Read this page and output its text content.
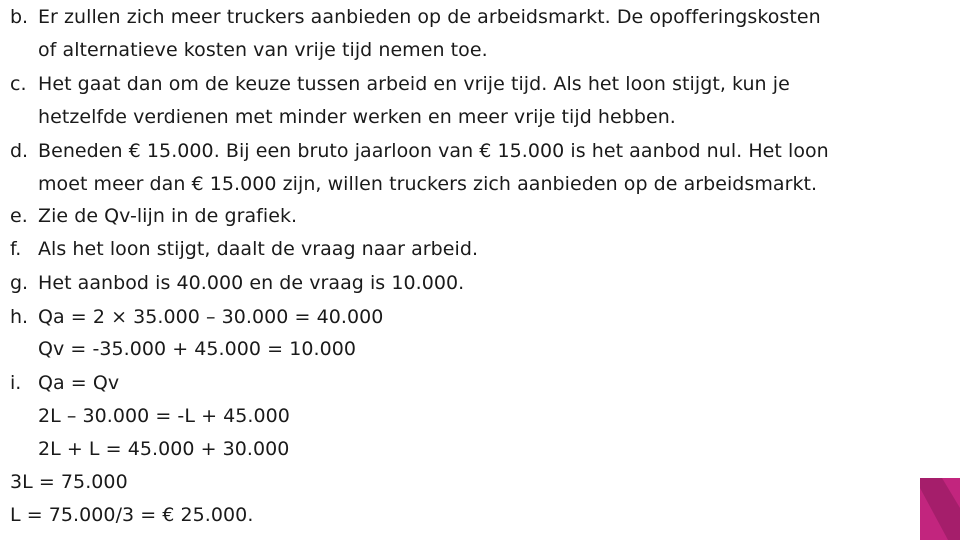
b. Er zullen zich meer truckers aanbieden op de arbeidsmarkt. De opofferingskosten
of alternatieve kosten van vrije tijd nemen toe.
c. Het gaat dan om de keuze tussen arbeid en vrije tijd. Als het loon stijgt, kun je
hetzelfde verdienen met minder werken en meer vrije tijd hebben.
d. Beneden € 15.000. Bij een bruto jaarloon van € 15.000 is het aanbod nul. Het loon
moet meer dan € 15.000 zijn, willen truckers zich aanbieden op de arbeidsmarkt.
e. Zie de Qv-lijn in de grafiek.
f. Als het loon stijgt, daalt de vraag naar arbeid.
g. Het aanbod is 40.000 en de vraag is 10.000.
h. Qa = 2 × 35.000 – 30.000 = 40.000
Qv = -35.000 + 45.000 = 10.000
i. Qa = Qv
2L – 30.000 = -L + 45.000
2L + L = 45.000 + 30.000
3L = 75.000
L = 75.000/3 = € 25.000.
